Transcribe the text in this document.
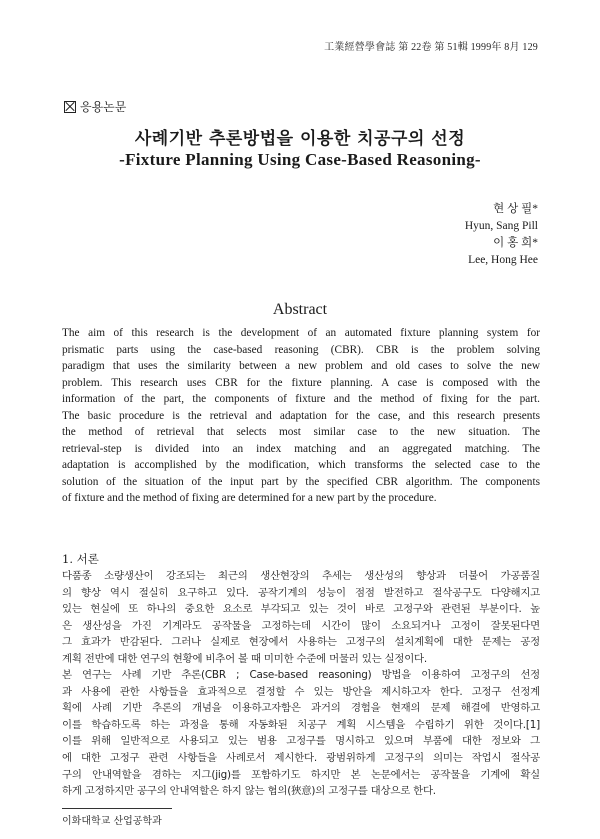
工業經營學會誌 第 22卷 第 51輯 1999年 8月 129
응용논문
사례기반 추론방법을 이용한 치공구의 선정
-Fixture Planning Using Case-Based Reasoning-
현 상 필*
Hyun, Sang Pill
이 홍 희*
Lee, Hong Hee
Abstract
The aim of this research is the development of an automated fixture planning system for
prismatic parts using the case-based reasoning (CBR). CBR is the problem solving
paradigm that uses the similarity between a new problem and old cases to solve the new
problem. This research uses CBR for the fixture planning. A case is composed with the
information of the part, the components of fixture and the method of fixing for the part.
The basic procedure is the retrieval and adaptation for the case, and this research presents
the method of retrieval that selects most similar case to the new situation. The
retrieval-step is divided into an index matching and an aggregated matching. The
adaptation is accomplished by the modification, which transforms the selected case to the
solution of the situation of the input part by the specified CBR algorithm. The components
of fixture and the method of fixing are determined for a new part by the procedure.
1. 서론
다품종 소량생산이 강조되는 최근의 생산현장의 추세는 생산성의 향상과 더불어 가공품질
의 향상 역시 절실히 요구하고 있다. 공작기계의 성능이 점점 발전하고 절삭공구도 다양해지고
있는 현실에 또 하나의 중요한 요소로 부각되고 있는 것이 바로 고정구와 관련된 부분이다. 높
은 생산성을 가진 기계라도 공작물을 고정하는데 시간이 많이 소요되거나 고정이 잘못된다면
그 효과가 반감된다. 그러나 실제로 현장에서 사용하는 고정구의 설치계획에 대한 문제는 공정
계획 전반에 대한 연구의 현황에 비추어 볼 때 미미한 수준에 머물러 있는 실정이다.
본 연구는 사례 기반 추론(CBR ; Case-based reasoning) 방법을 이용하여 고정구의 선정
과 사용에 관한 사항들을 효과적으로 결정할 수 있는 방안을 제시하고자 한다. 고정구 선정계
획에 사례 기반 추론의 개념을 이용하고자함은 과거의 경험을 현재의 문제 해결에 반영하고
이를 학습하도록 하는 과정을 통해 자동화된 치공구 계획 시스템을 수립하기 위한 것이다.[1]
이를 위해 일반적으로 사용되고 있는 범용 고정구를 명시하고 있으며 부품에 대한 정보와 그
에 대한 고정구 관련 사항들을 사례로서 제시한다. 광범위하게 고정구의 의미는 작업시 절삭공
구의 안내역할을 겸하는 지그(jig)를 포함하기도 하지만 본 논문에서는 공작물을 기계에 확실
하게 고정하지만 공구의 안내역할은 하지 않는 협의(狹意)의 고정구를 대상으로 한다.
이화대학교 산업공학과
